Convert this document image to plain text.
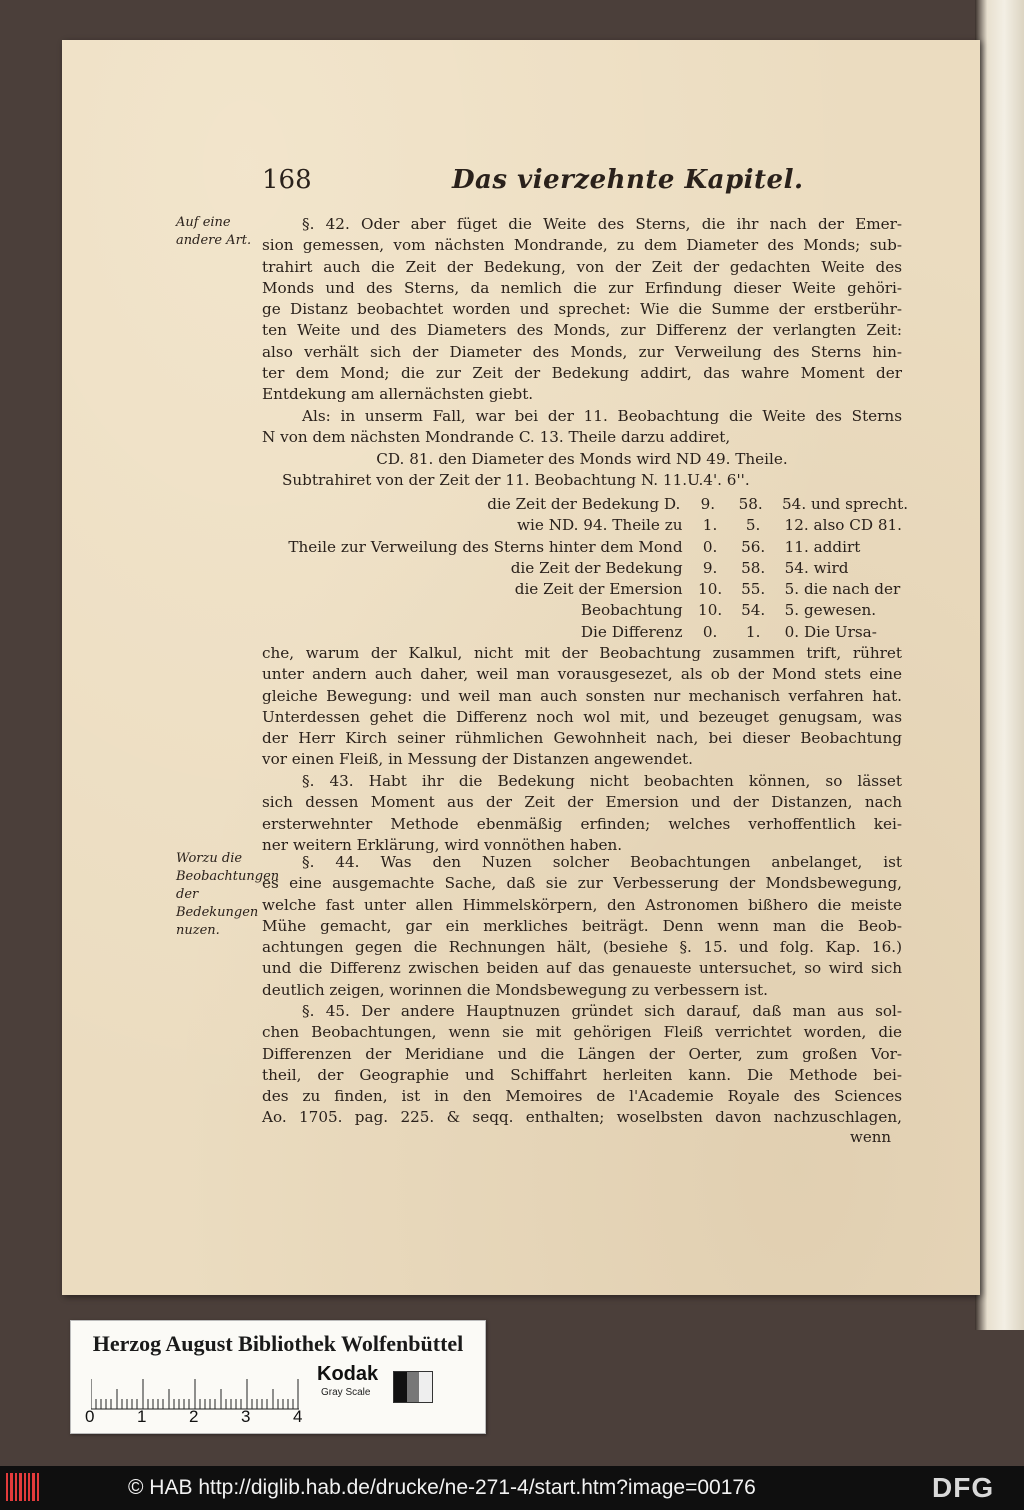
168	Das vierzehnte Kapitel.
Auf eine andere Art.
Worzu die Beobachtungen der Bedekungen nuzen.
§. 42. Oder aber füget die Weite des Sterns, die ihr nach der Emer-
sion gemessen, vom nächsten Mondrande, zu dem Diameter des Monds; sub-
trahirt auch die Zeit der Bedekung, von der Zeit der gedachten Weite des
Monds und des Sterns, da nemlich die zur Erfindung dieser Weite gehöri-
ge Distanz beobachtet worden und sprechet: Wie die Summe der erstberühr-
ten Weite und des Diameters des Monds, zur Differenz der verlangten Zeit:
also verhält sich der Diameter des Monds, zur Verweilung des Sterns hin-
ter dem Mond; die zur Zeit der Bedekung addirt, das wahre Moment der
Entdekung am allernächsten giebt.
Als: in unserm Fall, war bei der 11. Beobachtung die Weite des Sterns
N von dem nächsten Mondrande C. 13. Theile darzu addiret,
CD. 81. den Diameter des Monds wird ND 49. Theile.
Subtrahiret von der Zeit der 11. Beobachtung N. 11.U.4'. 6''.
die Zeit der Bedekung D.	9.	58.	54. und sprecht.
wie ND. 94. Theile zu	1.	5.	12. also CD 81.
Theile zur Verweilung des Sterns hinter dem Mond	0.	56.	11. addirt
die Zeit der Bedekung	9.	58.	54. wird
die Zeit der Emersion	10.	55.	5. die nach der
Beobachtung	10.	54.	5. gewesen.
Die Differenz	0.	1.	0. Die Ursa-
che, warum der Kalkul, nicht mit der Beobachtung zusammen trift, rühret
unter andern auch daher, weil man vorausgesezet, als ob der Mond stets eine
gleiche Bewegung: und weil man auch sonsten nur mechanisch verfahren hat.
Unterdessen gehet die Differenz noch wol mit, und bezeuget genugsam, was
der Herr Kirch seiner rühmlichen Gewohnheit nach, bei dieser Beobachtung
vor einen Fleiß, in Messung der Distanzen angewendet.
§. 43. Habt ihr die Bedekung nicht beobachten können, so lässet
sich dessen Moment aus der Zeit der Emersion und der Distanzen, nach
ersterwehnter Methode ebenmäßig erfinden; welches verhoffentlich kei-
ner weitern Erklärung, wird vonnöthen haben.
§. 44. Was den Nuzen solcher Beobachtungen anbelanget, ist
es eine ausgemachte Sache, daß sie zur Verbesserung der Mondsbewegung,
welche fast unter allen Himmelskörpern, den Astronomen bißhero die meiste
Mühe gemacht, gar ein merkliches beiträgt. Denn wenn man die Beob-
achtungen gegen die Rechnungen hält, (besiehe §. 15. und folg. Kap. 16.)
und die Differenz zwischen beiden auf das genaueste untersuchet, so wird sich
deutlich zeigen, worinnen die Mondsbewegung zu verbessern ist.
§. 45. Der andere Hauptnuzen gründet sich darauf, daß man aus sol-
chen Beobachtungen, wenn sie mit gehörigen Fleiß verrichtet worden, die
Differenzen der Meridiane und die Längen der Oerter, zum großen Vor-
theil, der Geographie und Schiffahrt herleiten kann. Die Methode bei-
des zu finden, ist in den Memoires de l'Academie Royale des Sciences
Ao. 1705. pag. 225. & seqq. enthalten; woselbsten davon nachzuschlagen,
wenn
Herzog August Bibliothek Wolfenbüttel
0	1	2	3	4
Kodak
Gray Scale
© HAB http://diglib.hab.de/drucke/ne-271-4/start.htm?image=00176	DFG
